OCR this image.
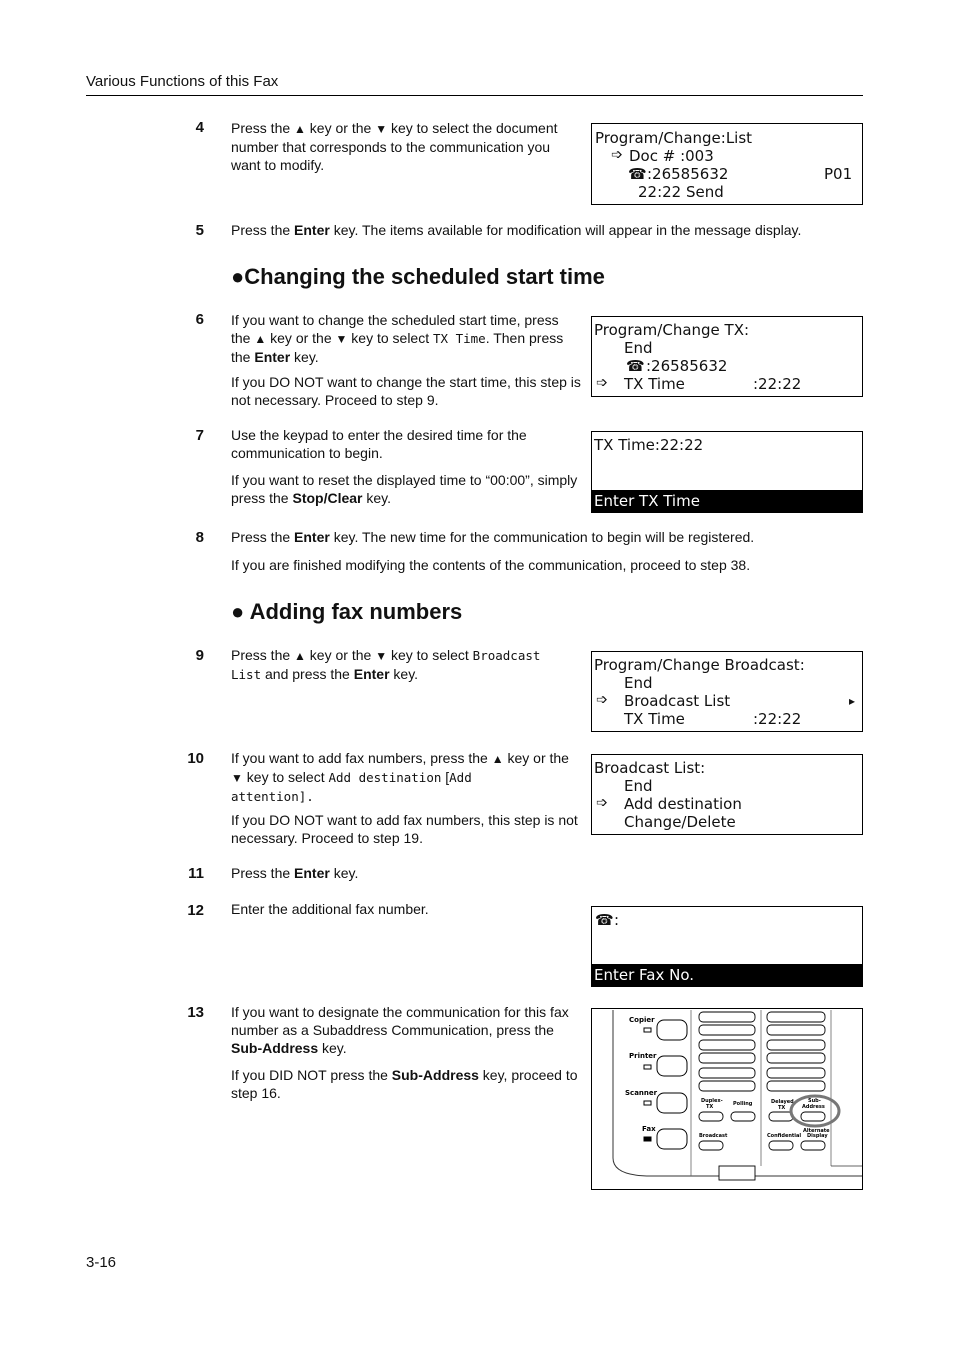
Various Functions of this Fax
4 Press the ▲ key or the ▼ key to select the document number that corresponds to the communication you want to modify.
Program/Change:List
➩ Doc # :003
☎ :26585632	P01
22:22 Send
5 Press the Enter key. The items available for modification will appear in the message display.
●Changing the scheduled start time
6 If you want to change the scheduled start time, press the ▲ key or the ▼ key to select TX Time. Then press the Enter key.
If you DO NOT want to change the start time, this step is not necessary. Proceed to step 9.
Program/Change TX:
End
☎ :26585632
➩ TX Time	:22:22
7 Use the keypad to enter the desired time for the communication to begin.
If you want to reset the displayed time to “00:00”, simply press the Stop/Clear key.
TX Time:22:22
Enter TX Time
8 Press the Enter key. The new time for the communication to begin will be registered.
If you are finished modifying the contents of the communication, proceed to step 38.
● Adding fax numbers
9 Press the ▲ key or the ▼ key to select Broadcast
List and press the Enter key.	Program/Change Broadcast:
End
➩ Broadcast List	▸
TX Time	:22:22
10 If you want to add fax numbers, press the ▲ key or the
▼ key to select Add destination [Add
attention].
If you DO NOT want to add fax numbers, this step is not necessary. Proceed to step 19.
Broadcast List:
End
➩ Add destination
Change/Delete
11 Press the Enter key.
12 Enter the additional fax number.
☎ :
Enter Fax No.
13 If you want to designate the communication for this fax number as a Subaddress Communication, press the Sub-Address key.
If you DID NOT press the Sub-Address key, proceed to step 16.
Copier
Printer
Scanner
Fax
Duplex-
TX	Polling	Delayed
TX
Sub-
Address
Broadcast	Confidential
Alternate
Display
3-16
